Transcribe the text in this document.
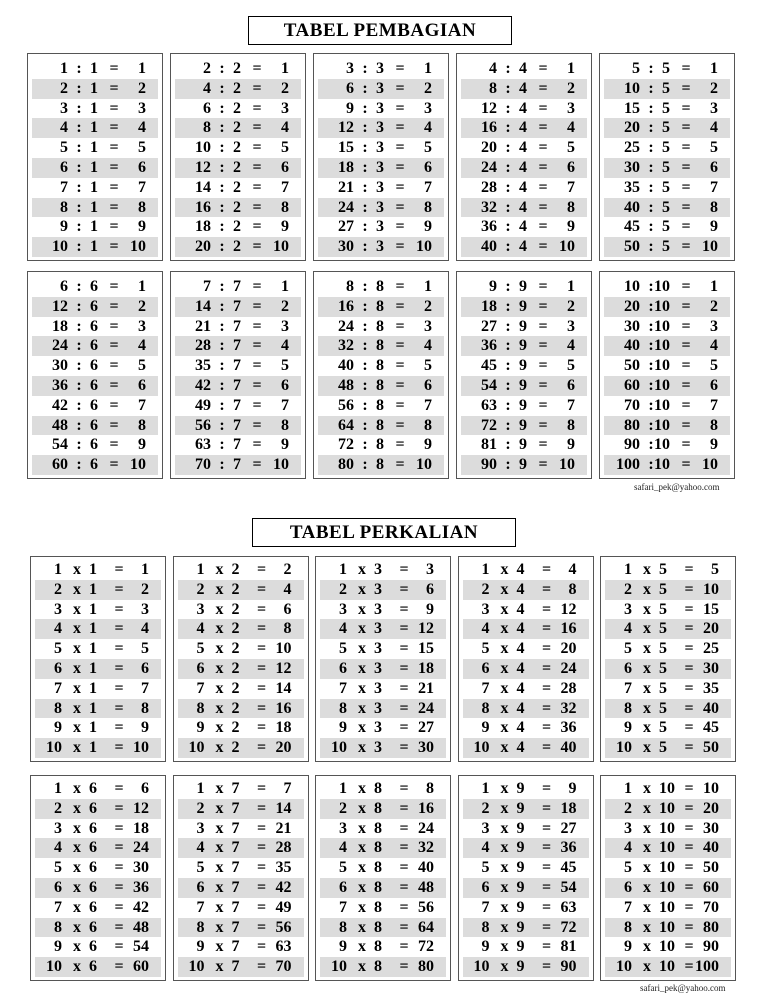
TABEL PEMBAGIAN
1 : 1 = 1
2 : 1 = 2
3 : 1 = 3
4 : 1 = 4
5 : 1 = 5
6 : 1 = 6
7 : 1 = 7
8 : 1 = 8
9 : 1 = 9
10 : 1 = 10
2 : 2 = 1
4 : 2 = 2
6 : 2 = 3
8 : 2 = 4
10 : 2 = 5
12 : 2 = 6
14 : 2 = 7
16 : 2 = 8
18 : 2 = 9
20 : 2 = 10
3 : 3 = 1
6 : 3 = 2
9 : 3 = 3
12 : 3 = 4
15 : 3 = 5
18 : 3 = 6
21 : 3 = 7
24 : 3 = 8
27 : 3 = 9
30 : 3 = 10
4 : 4 = 1
8 : 4 = 2
12 : 4 = 3
16 : 4 = 4
20 : 4 = 5
24 : 4 = 6
28 : 4 = 7
32 : 4 = 8
36 : 4 = 9
40 : 4 = 10
5 : 5 = 1
10 : 5 = 2
15 : 5 = 3
20 : 5 = 4
25 : 5 = 5
30 : 5 = 6
35 : 5 = 7
40 : 5 = 8
45 : 5 = 9
50 : 5 = 10
6 : 6 = 1
12 : 6 = 2
18 : 6 = 3
24 : 6 = 4
30 : 6 = 5
36 : 6 = 6
42 : 6 = 7
48 : 6 = 8
54 : 6 = 9
60 : 6 = 10
7 : 7 = 1
14 : 7 = 2
21 : 7 = 3
28 : 7 = 4
35 : 7 = 5
42 : 7 = 6
49 : 7 = 7
56 : 7 = 8
63 : 7 = 9
70 : 7 = 10
8 : 8 = 1
16 : 8 = 2
24 : 8 = 3
32 : 8 = 4
40 : 8 = 5
48 : 8 = 6
56 : 8 = 7
64 : 8 = 8
72 : 8 = 9
80 : 8 = 10
9 : 9 = 1
18 : 9 = 2
27 : 9 = 3
36 : 9 = 4
45 : 9 = 5
54 : 9 = 6
63 : 9 = 7
72 : 9 = 8
81 : 9 = 9
90 : 9 = 10
10 : 10 = 1
20 : 10 = 2
30 : 10 = 3
40 : 10 = 4
50 : 10 = 5
60 : 10 = 6
70 : 10 = 7
80 : 10 = 8
90 : 10 = 9
100 : 10 = 10
safari_pek@yahoo.com
TABEL PERKALIAN
1 x 1 = 1
2 x 1 = 2
3 x 1 = 3
4 x 1 = 4
5 x 1 = 5
6 x 1 = 6
7 x 1 = 7
8 x 1 = 8
9 x 1 = 9
10 x 1 = 10
1 x 2 = 2
2 x 2 = 4
3 x 2 = 6
4 x 2 = 8
5 x 2 = 10
6 x 2 = 12
7 x 2 = 14
8 x 2 = 16
9 x 2 = 18
10 x 2 = 20
1 x 3 = 3
2 x 3 = 6
3 x 3 = 9
4 x 3 = 12
5 x 3 = 15
6 x 3 = 18
7 x 3 = 21
8 x 3 = 24
9 x 3 = 27
10 x 3 = 30
1 x 4 = 4
2 x 4 = 8
3 x 4 = 12
4 x 4 = 16
5 x 4 = 20
6 x 4 = 24
7 x 4 = 28
8 x 4 = 32
9 x 4 = 36
10 x 4 = 40
1 x 5 = 5
2 x 5 = 10
3 x 5 = 15
4 x 5 = 20
5 x 5 = 25
6 x 5 = 30
7 x 5 = 35
8 x 5 = 40
9 x 5 = 45
10 x 5 = 50
1 x 6 = 6
2 x 6 = 12
3 x 6 = 18
4 x 6 = 24
5 x 6 = 30
6 x 6 = 36
7 x 6 = 42
8 x 6 = 48
9 x 6 = 54
10 x 6 = 60
1 x 7 = 7
2 x 7 = 14
3 x 7 = 21
4 x 7 = 28
5 x 7 = 35
6 x 7 = 42
7 x 7 = 49
8 x 7 = 56
9 x 7 = 63
10 x 7 = 70
1 x 8 = 8
2 x 8 = 16
3 x 8 = 24
4 x 8 = 32
5 x 8 = 40
6 x 8 = 48
7 x 8 = 56
8 x 8 = 64
9 x 8 = 72
10 x 8 = 80
1 x 9 = 9
2 x 9 = 18
3 x 9 = 27
4 x 9 = 36
5 x 9 = 45
6 x 9 = 54
7 x 9 = 63
8 x 9 = 72
9 x 9 = 81
10 x 9 = 90
1 x 10 = 10
2 x 10 = 20
3 x 10 = 30
4 x 10 = 40
5 x 10 = 50
6 x 10 = 60
7 x 10 = 70
8 x 10 = 80
9 x 10 = 90
10 x 10 = 100
safari_pek@yahoo.com
